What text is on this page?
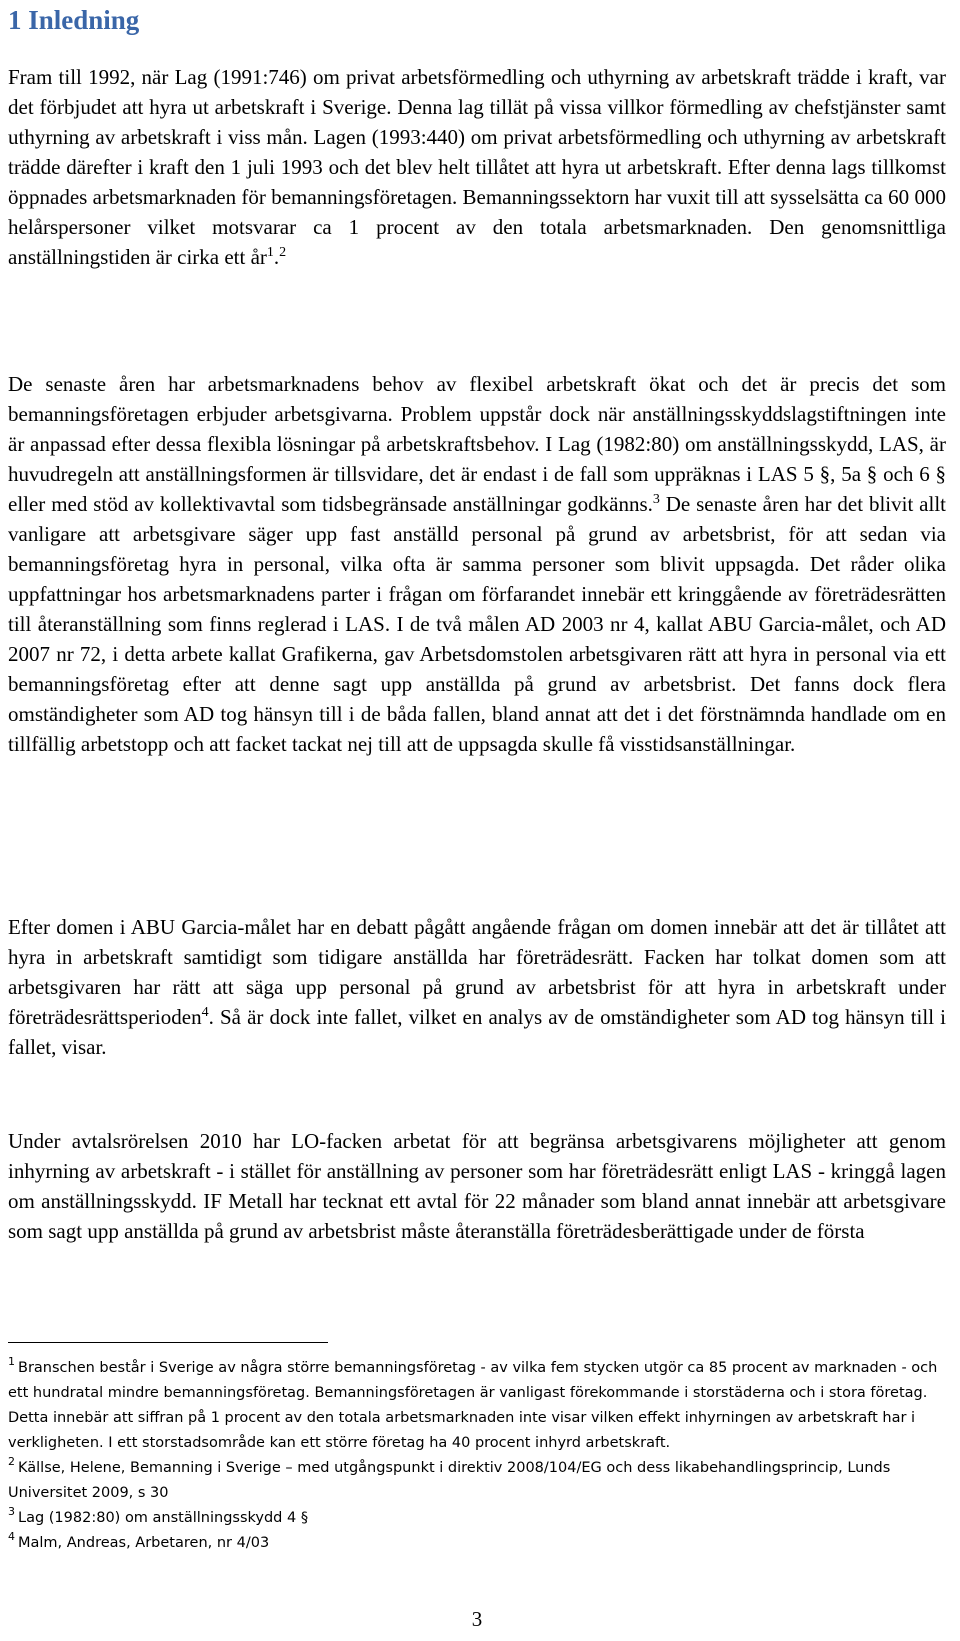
1 Inledning

Fram till 1992, när Lag (1991:746) om privat arbetsförmedling och uthyrning av arbetskraft trädde i kraft, var det förbjudet att hyra ut arbetskraft i Sverige. Denna lag tillät på vissa villkor förmedling av chefstjänster samt uthyrning av arbetskraft i viss mån. Lagen (1993:440) om privat arbetsförmedling och uthyrning av arbetskraft trädde därefter i kraft den 1 juli 1993 och det blev helt tillåtet att hyra ut arbetskraft. Efter denna lags tillkomst öppnades arbetsmarknaden för bemanningsföretagen. Bemanningssektorn har vuxit till att sysselsätta ca 60 000 helårspersoner vilket motsvarar ca 1 procent av den totala arbetsmarknaden. Den genomsnittliga anställningstiden är cirka ett $år^1.^2$

De senaste åren har arbetsmarknadens behov av flexibel arbetskraft ökat och det är precis det som bemanningsföretagen erbjuder arbetsgivarna. Problem uppstår dock när anställningsskyddslagstiftningen inte är anpassad efter dessa flexibla lösningar på arbetskraftsbehov. I Lag (1982:80) om anställningsskydd, LAS, är huvudregeln att anställningsformen är tillsvidare, det är endast i de fall som uppräknas i LAS 5 §, 5a § och 6 § eller med stöd av kollektivavtal som tidsbegränsade anställningar godkänns.$^3$ De senaste åren har det blivit allt vanligare att arbetsgivare säger upp fast anställd personal på grund av arbetsbrist, för att sedan via bemanningsföretag hyra in personal, vilka ofta är samma personer som blivit uppsagda. Det råder olika uppfattningar hos arbetsmarknadens parter i frågan om förfarandet innebär ett kringgående av företrädesrätten till återanställning som finns reglerad i LAS. I de två målen AD 2003 nr 4, kallat ABU Garcia-målet, och AD 2007 nr 72, i detta arbete kallat Grafikerna, gav Arbetsdomstolen arbetsgivaren rätt att hyra in personal via ett bemanningsföretag efter att denne sagt upp anställda på grund av arbetsbrist. Det fanns dock flera omständigheter som AD tog hänsyn till i de båda fallen, bland annat att det i det förstnämnda handlade om en tillfällig arbetstopp och att facket tackat nej till att de uppsagda skulle få visstidsanställningar.

Efter domen i ABU Garcia-målet har en debatt pågått angående frågan om domen innebär att det är tillåtet att hyra in arbetskraft samtidigt som tidigare anställda har företrädesrätt. Facken har tolkat domen som att arbetsgivaren har rätt att säga upp personal på grund av arbetsbrist för att hyra in arbetskraft under företrädesrättsperioden$^4$. Så är dock inte fallet, vilket en analys av de omständigheter som AD tog hänsyn till i fallet, visar.

Under avtalsrörelsen 2010 har LO-facken arbetat för att begränsa arbetsgivarens möjligheter att genom inhyrning av arbetskraft - i stället för anställning av personer som har företrädesrätt enligt LAS - kringgå lagen om anställningsskydd. IF Metall har tecknat ett avtal för 22 månader som bland annat innebär att arbetsgivare som sagt upp anställda på grund av arbetsbrist måste återanställa företrädesberättigade under de första

$^1$ Branschen består i Sverige av några större bemanningsföretag - av vilka fem stycken utgör ca 85 procent av marknaden - och ett hundratal mindre bemanningsföretag. Bemanningsföretagen är vanligast förekommande i storstäderna och i stora företag. Detta innebär att siffran på 1 procent av den totala arbetsmarknaden inte visar vilken effekt inhyrningen av arbetskraft har i verkligheten. I ett storstadsområde kan ett större företag ha 40 procent inhyrd arbetskraft.

$^2$ Källse, Helene, Bemanning i Sverige – med utgångspunkt i direktiv 2008/104/EG och dess likabehandlingsprincip, Lunds Universitet 2009, s 30

$^3$ Lag (1982:80) om anställningsskydd 4 §

$^4$ Malm, Andreas, Arbetaren, nr 4/03

3
